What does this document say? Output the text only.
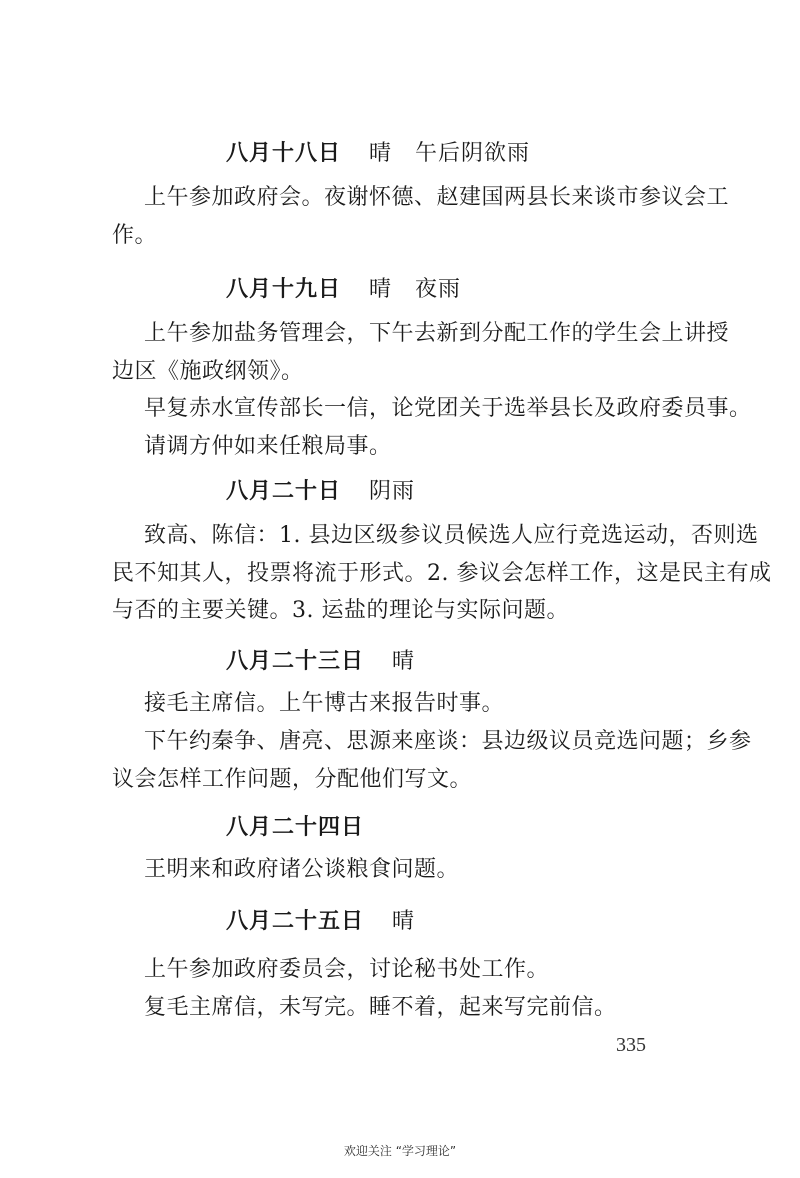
八月十八日 晴　午后阴欲雨
上午参加政府会。夜谢怀德、赵建国两县长来谈市参议会工
作。
八月十九日 晴　夜雨
上午参加盐务管理会，下午去新到分配工作的学生会上讲授
边区《施政纲领》。
早复赤水宣传部长一信，论党团关于选举县长及政府委员事。
请调方仲如来任粮局事。
八月二十日 阴雨
致高、陈信：1. 县边区级参议员候选人应行竞选运动，否则选
民不知其人，投票将流于形式。2. 参议会怎样工作，这是民主有成
与否的主要关键。3. 运盐的理论与实际问题。
八月二十三日 晴
接毛主席信。上午博古来报告时事。
下午约秦争、唐亮、思源来座谈：县边级议员竞选问题；乡参
议会怎样工作问题，分配他们写文。
八月二十四日
王明来和政府诸公谈粮食问题。
八月二十五日 晴
上午参加政府委员会，讨论秘书处工作。
复毛主席信，未写完。睡不着，起来写完前信。
335
欢迎关注 “学习理论”
